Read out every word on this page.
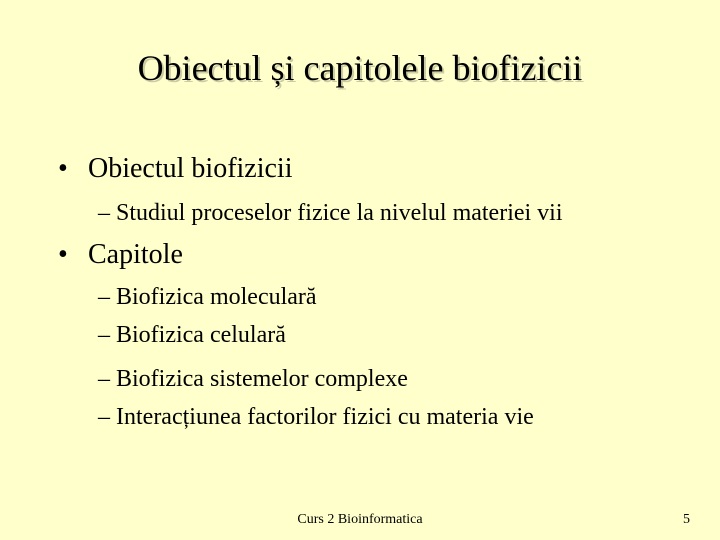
Obiectul și capitolele biofizicii
• Obiectul biofizicii
– Studiul proceselor fizice la nivelul materiei vii
• Capitole
– Biofizica moleculară
– Biofizica celulară
– Biofizica sistemelor complexe
– Interacțiunea factorilor fizici cu materia vie
Curs 2 Bioinformatica	5
